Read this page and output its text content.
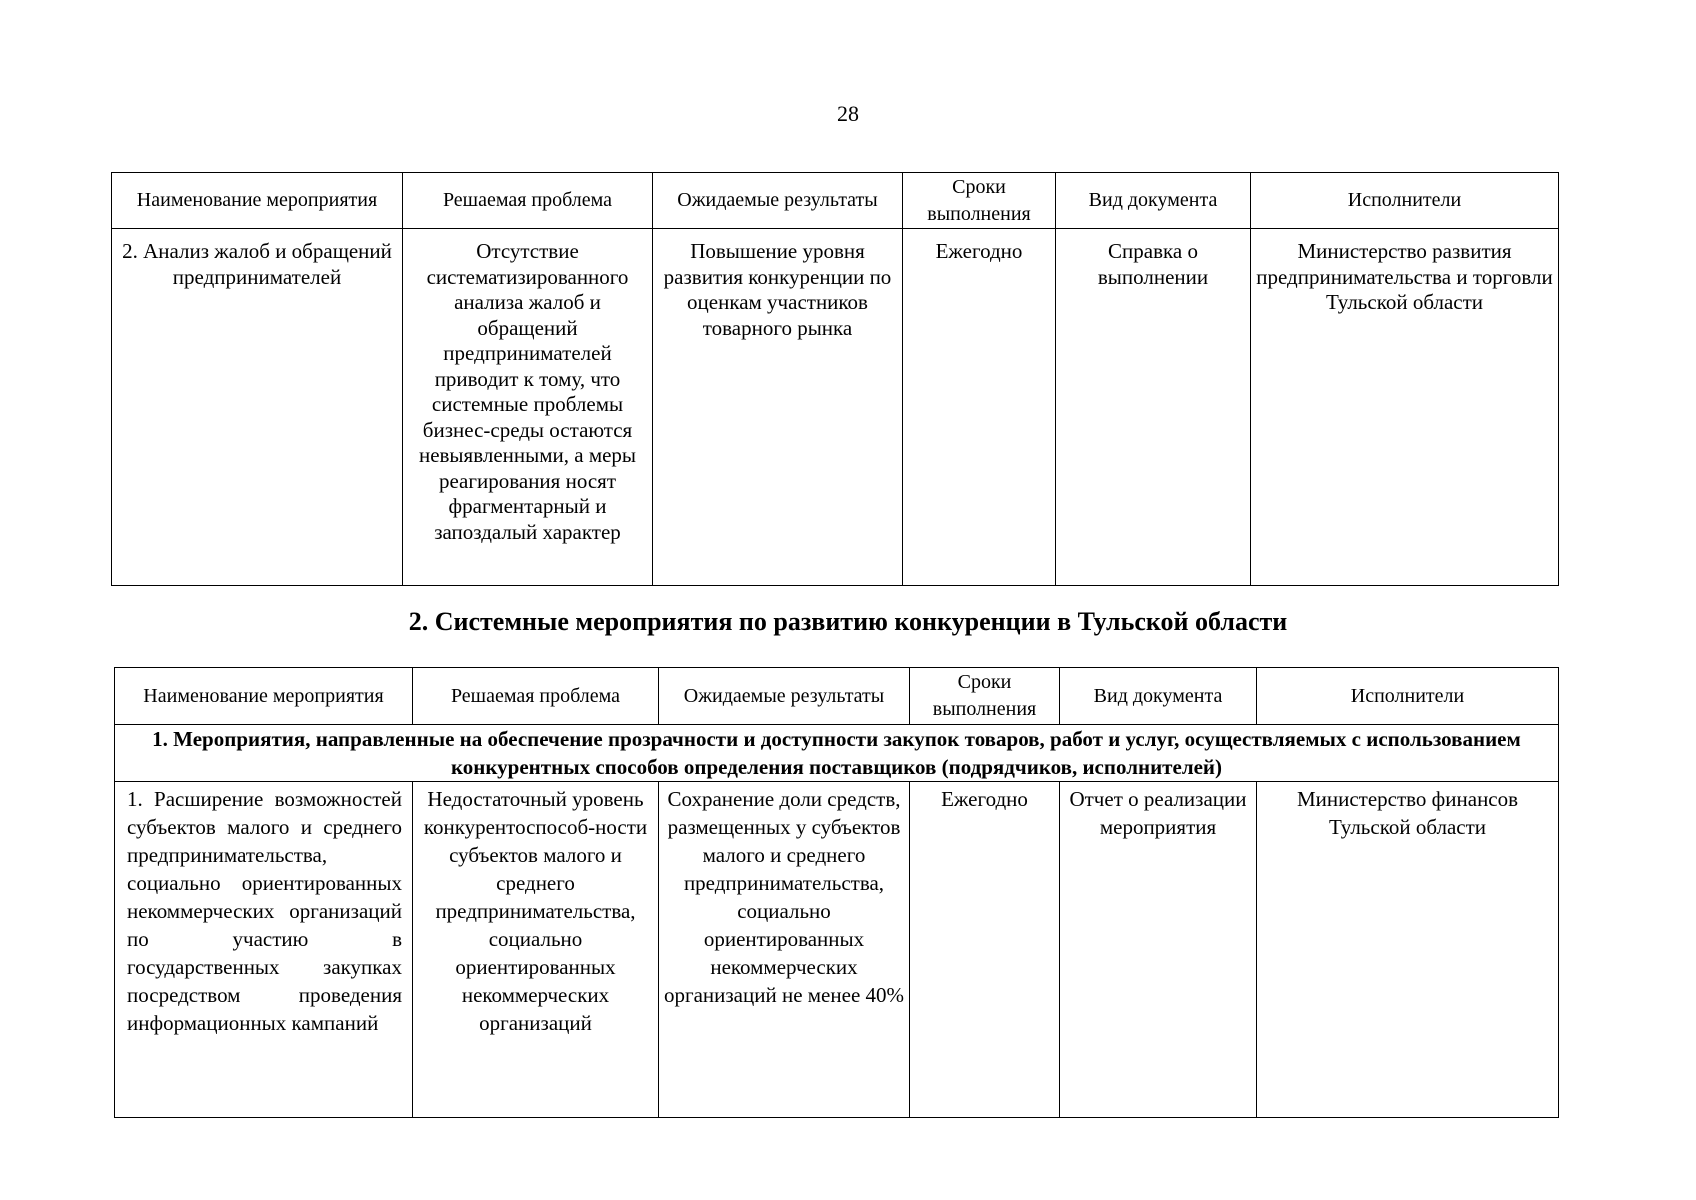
28
Наименование мероприятия	Решаемая проблема	Ожидаемые результаты	Сроки выполнения	Вид документа	Исполнители
2. Анализ жалоб и обращений предпринимателей	Отсутствие систематизированного анализа жалоб и обращений предпринимателей приводит к тому, что системные проблемы бизнес-среды остаются невыявленными, а меры реагирования носят фрагментарный и запоздалый характер	Повышение уровня развития конкуренции по оценкам участников товарного рынка	Ежегодно	Справка о выполнении	Министерство развития предпринимательства и торговли Тульской области
2. Системные мероприятия по развитию конкуренции в Тульской области
Наименование мероприятия	Решаемая проблема	Ожидаемые результаты	Сроки выполнения	Вид документа	Исполнители
1. Мероприятия, направленные на обеспечение прозрачности и доступности закупок товаров, работ и услуг, осуществляемых с использованием конкурентных способов определения поставщиков (подрядчиков, исполнителей)					
1. Расширение возможностей субъектов малого и среднего предпринимательства, социально ориентированных некоммерческих организаций по участию в государственных закупках посредством проведения информационных кампаний	Недостаточный уровень конкурентоспособ-ности субъектов малого и среднего предпринимательства, социально ориентированных некоммерческих организаций	Сохранение доли средств, размещенных у субъектов малого и среднего предпринимательства, социально ориентированных некоммерческих организаций не менее 40%	Ежегодно	Отчет о реализации мероприятия	Министерство финансов Тульской области
